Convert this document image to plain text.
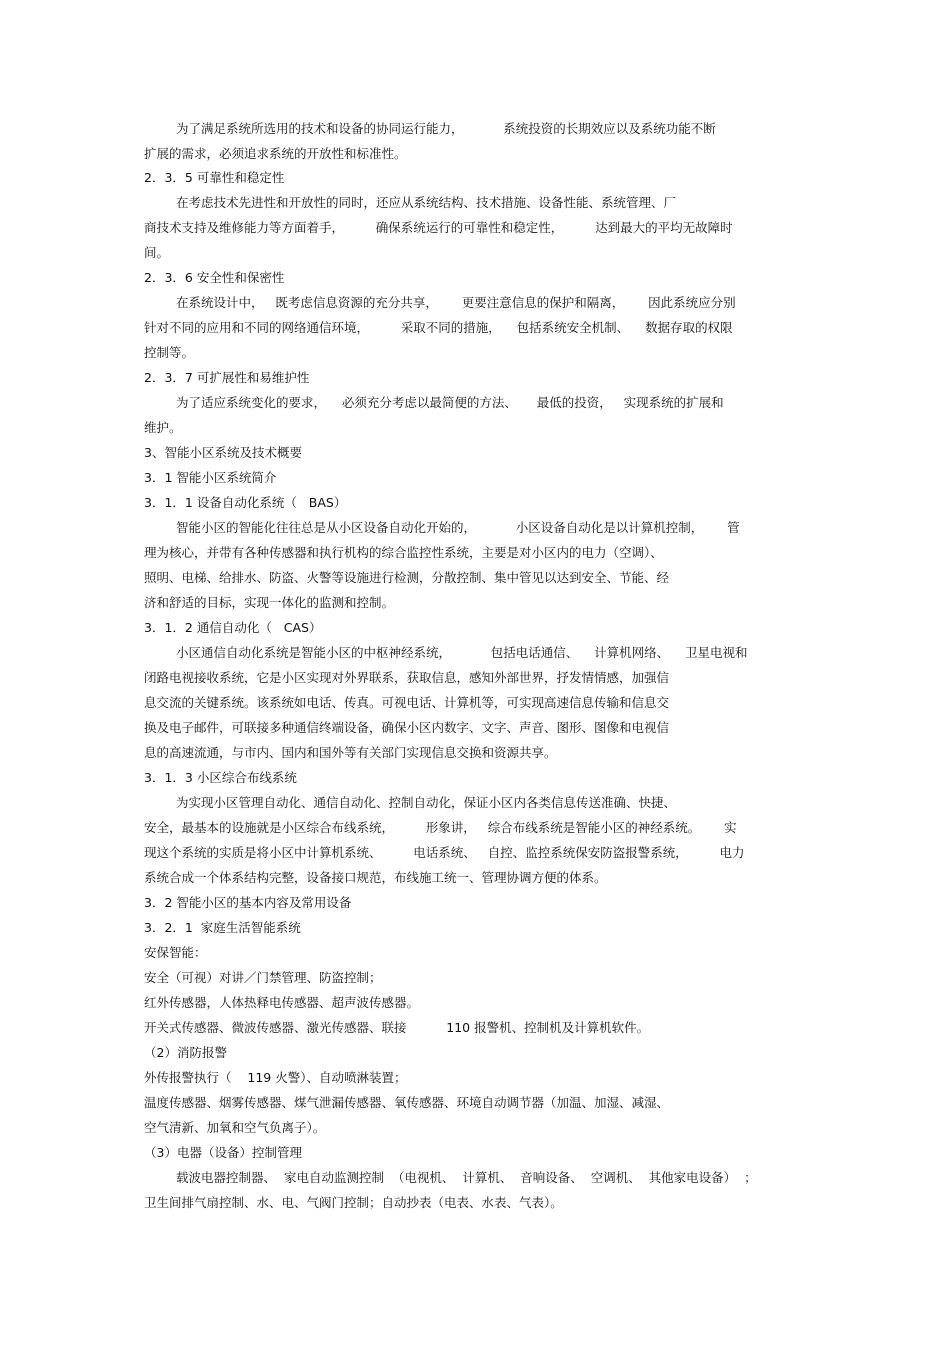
为了满足系统所选用的技术和设备的协同运行能力，          系统投资的长期效应以及系统功能不断

扩展的需求，必须追求系统的开放性和标准性。

2．3．5 可靠性和稳定性

在考虑技术先进性和开放性的同时，还应从系统结构、技术措施、设备性能、系统管理、厂

商技术支持及维修能力等方面着手，        确保系统运行的可靠性和稳定性，        达到最大的平均无故障时

间。

2．3．6 安全性和保密性

在系统设计中，   既考虑信息资源的充分共享，      更要注意信息的保护和隔离，      因此系统应分别

针对不同的应用和不同的网络通信环境，        采取不同的措施，    包括系统安全机制、    数据存取的权限

控制等。

2．3．7 可扩展性和易维护性

为了适应系统变化的要求，    必须充分考虑以最简便的方法、     最低的投资，   实现系统的扩展和

维护。

3、智能小区系统及技术概要

3．1 智能小区系统简介

3．1．1 设备自动化系统（   BAS）

智能小区的智能化往往总是从小区设备自动化开始的，          小区设备自动化是以计算机控制，      管

理为核心，并带有各种传感器和执行机构的综合监控性系统，主要是对小区内的电力（空调）、

照明、电梯、给排水、防盗、火警等设施进行检测，分散控制、集中管见以达到安全、节能、经

济和舒适的目标，实现一体化的监测和控制。

3．1．2 通信自动化（   CAS）

小区通信自动化系统是智能小区的中枢神经系统，          包括电话通信、    计算机网络、    卫星电视和

闭路电视接收系统，它是小区实现对外界联系，获取信息，感知外部世界，抒发情情感，加强信

息交流的关键系统。该系统如电话、传真。可视电话、计算机等，可实现高速信息传输和信息交

换及电子邮件，可联接多种通信终端设备，确保小区内数字、文字、声音、图形、图像和电视信

息的高速流通，与市内、国内和国外等有关部门实现信息交换和资源共享。

3．1．3 小区综合布线系统

为实现小区管理自动化、通信自动化、控制自动化，保证小区内各类信息传送准确、快捷、

安全，最基本的设施就是小区综合布线系统，        形象讲，   综合布线系统是智能小区的神经系统。      实

现这个系统的实质是将小区中计算机系统、        电话系统、   自控、监控系统保安防盗报警系统，        电力

系统合成一个体系结构完整，设备接口规范，布线施工统一、管理协调方便的体系。

3．2 智能小区的基本内容及常用设备

3．2．1  家庭生活智能系统

安保智能：

安全（可视）对讲／门禁管理、防盗控制；

红外传感器，人体热释电传感器、超声波传感器。

开关式传感器、微波传感器、激光传感器、联接          110 报警机、控制机及计算机软件。

（2）消防报警

外传报警执行（    119 火警）、自动喷淋装置；

温度传感器、烟雾传感器、煤气泄漏传感器、氧传感器、环境自动调节器（加温、加湿、减湿、

空气清新、加氧和空气负离子）。

（3）电器（设备）控制管理

载波电器控制器、  家电自动监测控制  （电视机、  计算机、  音响设备、  空调机、  其他家电设备）  ；

卫生间排气扇控制、水、电、气阀门控制；自动抄表（电表、水表、气表）。
